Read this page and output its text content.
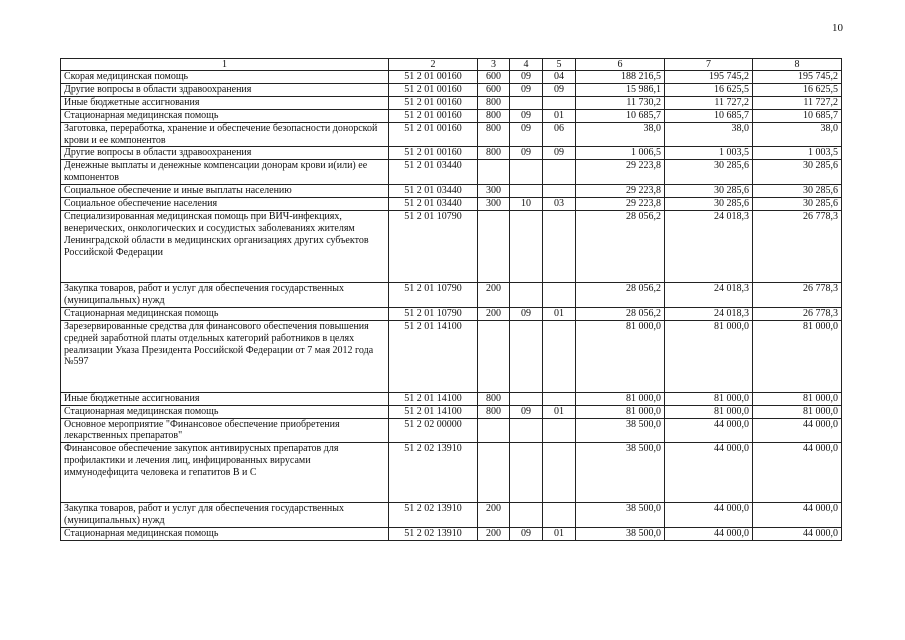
10
1	2	3	4	5	6	7	8
Скорая медицинская помощь	51 2 01 00160	600	09	04	188 216,5	195 745,2	195 745,2
Другие вопросы в области здравоохранения	51 2 01 00160	600	09	09	15 986,1	16 625,5	16 625,5
Иные бюджетные ассигнования	51 2 01 00160	800			11 730,2	11 727,2	11 727,2
Стационарная медицинская помощь	51 2 01 00160	800	09	01	10 685,7	10 685,7	10 685,7
Заготовка, переработка, хранение и обеспечение безопасности донорской крови и ее компонентов	51 2 01 00160	800	09	06	38,0	38,0	38,0
Другие вопросы в области здравоохранения	51 2 01 00160	800	09	09	1 006,5	1 003,5	1 003,5
Денежные выплаты и денежные компенсации донорам крови и(или) ее компонентов	51 2 01 03440				29 223,8	30 285,6	30 285,6
Социальное обеспечение и иные выплаты населению	51 2 01 03440	300			29 223,8	30 285,6	30 285,6
Социальное обеспечение населения	51 2 01 03440	300	10	03	29 223,8	30 285,6	30 285,6
Специализированная медицинская помощь при ВИЧ-инфекциях, венерических, онкологических и сосудистых заболеваниях жителям Ленинградской области в медицинских организациях других субъектов Российской Федерации	51 2 01 10790				28 056,2	24 018,3	26 778,3
Закупка товаров, работ и услуг для обеспечения государственных (муниципальных) нужд	51 2 01 10790	200			28 056,2	24 018,3	26 778,3
Стационарная медицинская помощь	51 2 01 10790	200	09	01	28 056,2	24 018,3	26 778,3
Зарезервированные средства для финансового обеспечения повышения средней заработной платы отдельных категорий работников в целях реализации Указа Президента Российской Федерации от 7 мая 2012 года №597	51 2 01 14100				81 000,0	81 000,0	81 000,0
Иные бюджетные ассигнования	51 2 01 14100	800			81 000,0	81 000,0	81 000,0
Стационарная медицинская помощь	51 2 01 14100	800	09	01	81 000,0	81 000,0	81 000,0
Основное мероприятие "Финансовое обеспечение приобретения лекарственных препаратов"	51 2 02 00000				38 500,0	44 000,0	44 000,0
Финансовое обеспечение закупок антивирусных препаратов для профилактики и лечения лиц, инфицированных вирусами иммунодефицита человека и гепатитов В и С	51 2 02 13910				38 500,0	44 000,0	44 000,0
Закупка товаров, работ и услуг для обеспечения государственных (муниципальных) нужд	51 2 02 13910	200			38 500,0	44 000,0	44 000,0
Стационарная медицинская помощь	51 2 02 13910	200	09	01	38 500,0	44 000,0	44 000,0
